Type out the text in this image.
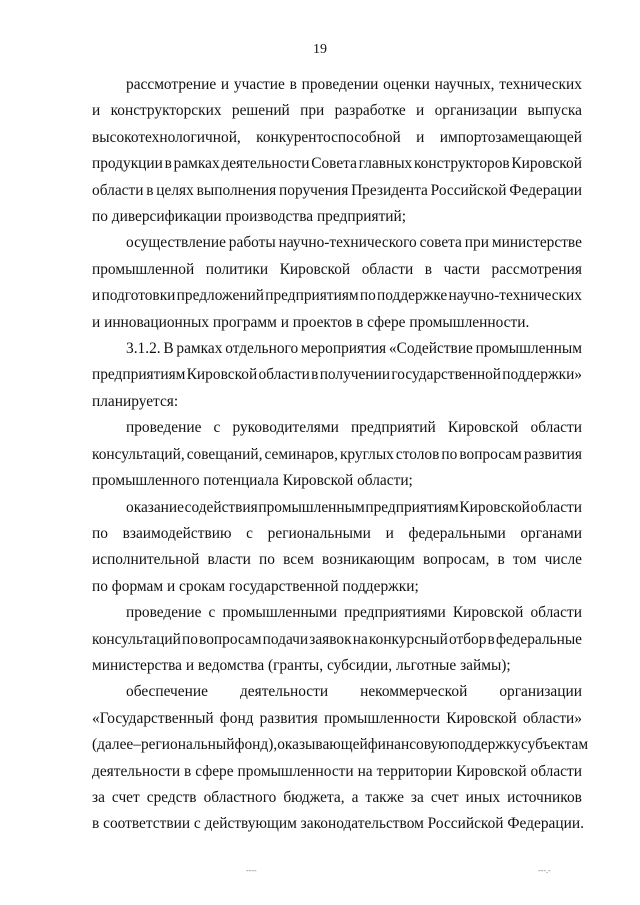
19

рассмотрение и участие в проведении оценки научных, технических
и конструкторских решений при разработке и организации выпуска
высокотехнологичной, конкурентоспособной и импортозамещающей
продукции в рамках деятельности Совета главных конструкторов Кировской
области в целях выполнения поручения Президента Российской Федерации
по диверсификации производства предприятий;

осуществление работы научно-технического совета при министерстве
промышленной политики Кировской области в части рассмотрения
и подготовки предложений предприятиям по поддержке научно-технических
и инновационных программ и проектов в сфере промышленности.

3.1.2. В рамках отдельного мероприятия «Содействие промышленным
предприятиям Кировской области в получении государственной поддержки»
планируется:

проведение с руководителями предприятий Кировской области
консультаций, совещаний, семинаров, круглых столов по вопросам развития
промышленного потенциала Кировской области;

оказание содействия промышленным предприятиям Кировской области
по взаимодействию с региональными и федеральными органами
исполнительной власти по всем возникающим вопросам, в том числе
по формам и срокам государственной поддержки;

проведение с промышленными предприятиями Кировской области
консультаций по вопросам подачи заявок на конкурсный отбор в федеральные
министерства и ведомства (гранты, субсидии, льготные займы);

обеспечение деятельности некоммерческой организации
«Государственный фонд развития промышленности Кировской области»
(далее – региональный фонд), оказывающей финансовую поддержку субъектам
деятельности в сфере промышленности на территории Кировской области
за счет средств областного бюджета, а также за счет иных источников
в соответствии с действующим законодательством Российской Федерации.

----	---.-
